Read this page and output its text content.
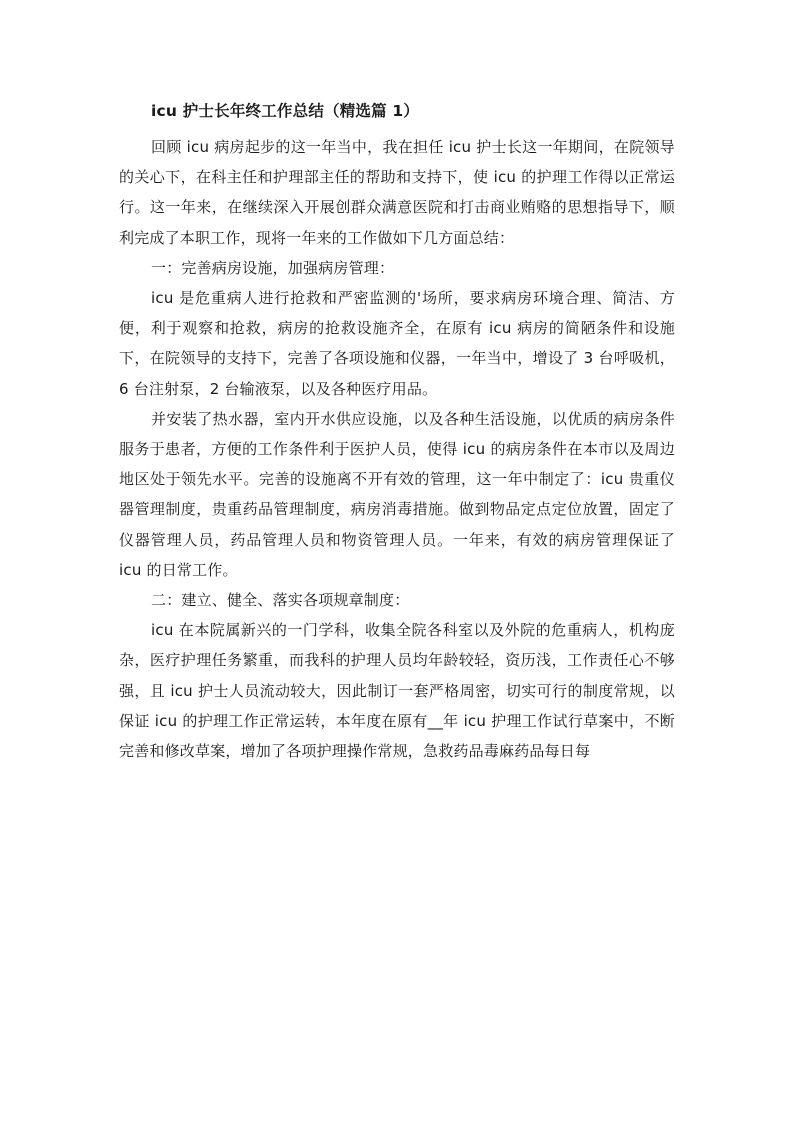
icu 护士长年终工作总结（精选篇 1）

回顾 icu 病房起步的这一年当中，我在担任 icu 护士长这一年期间，在院领导的关心下，在科主任和护理部主任的帮助和支持下，使 icu 的护理工作得以正常运行。这一年来，在继续深入开展创群众满意医院和打击商业贿赂的思想指导下，顺利完成了本职工作，现将一年来的工作做如下几方面总结：

一：完善病房设施，加强病房管理：

icu 是危重病人进行抢救和严密监测的'场所，要求病房环境合理、简洁、方便，利于观察和抢救，病房的抢救设施齐全，在原有 icu 病房的简陋条件和设施下，在院领导的支持下，完善了各项设施和仪器，一年当中，增设了 3 台呼吸机，6 台注射泵，2 台输液泵，以及各种医疗用品。

并安装了热水器，室内开水供应设施，以及各种生活设施，以优质的病房条件服务于患者，方便的工作条件利于医护人员，使得 icu 的病房条件在本市以及周边地区处于领先水平。完善的设施离不开有效的管理，这一年中制定了：icu 贵重仪器管理制度，贵重药品管理制度，病房消毒措施。做到物品定点定位放置，固定了仪器管理人员，药品管理人员和物资管理人员。一年来，有效的病房管理保证了 icu 的日常工作。

二：建立、健全、落实各项规章制度：

icu 在本院属新兴的一门学科，收集全院各科室以及外院的危重病人，机构庞杂，医疗护理任务繁重，而我科的护理人员均年龄较轻，资历浅，工作责任心不够强，且 icu 护士人员流动较大，因此制订一套严格周密，切实可行的制度常规，以保证 icu 的护理工作正常运转，本年度在原有__年 icu 护理工作试行草案中，不断完善和修改草案，增加了各项护理操作常规，急救药品毒麻药品每日每
